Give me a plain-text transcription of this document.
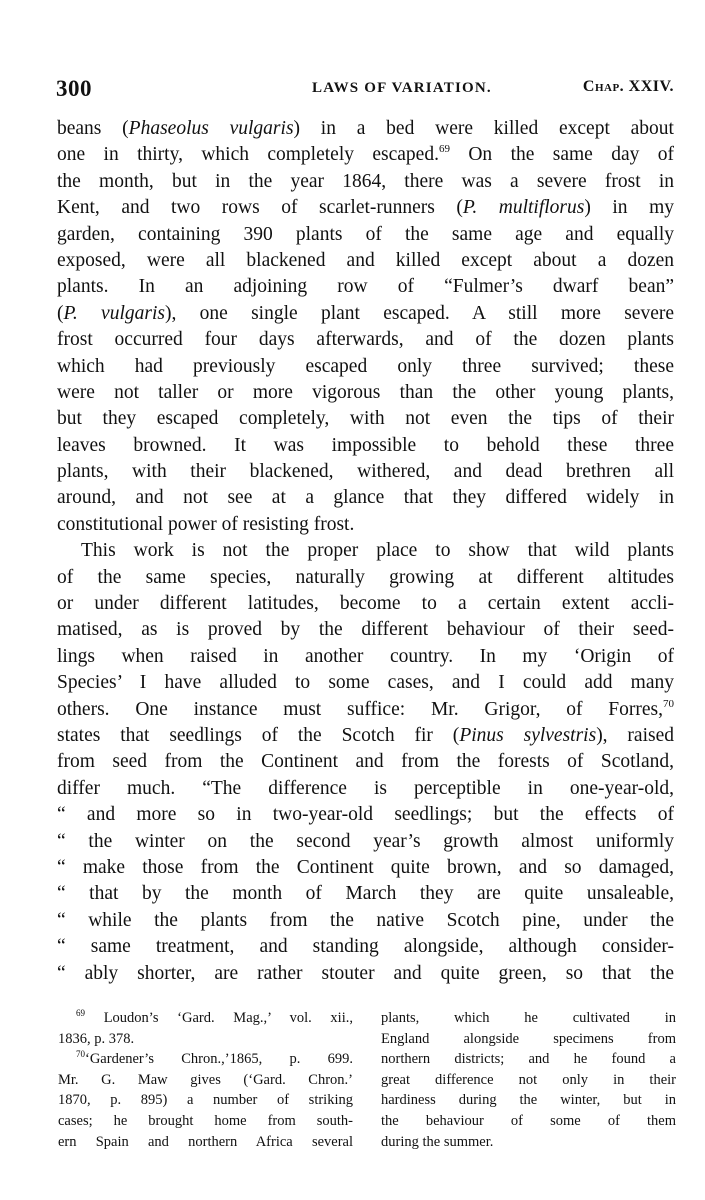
300	LAWS OF VARIATION.	Chap. XXIV.
beans (Phaseolus vulgaris) in a bed were killed except about
one in thirty, which completely escaped.$^{69}$ On the same day of
the month, but in the year 1864, there was a severe frost in
Kent, and two rows of scarlet-runners (P. multiflorus) in my
garden, containing 390 plants of the same age and equally
exposed, were all blackened and killed except about a dozen
plants. In an adjoining row of “Fulmer’s dwarf bean”
(P. vulgaris), one single plant escaped. A still more severe
frost occurred four days afterwards, and of the dozen plants
which had previously escaped only three survived; these
were not taller or more vigorous than the other young plants,
but they escaped completely, with not even the tips of their
leaves browned. It was impossible to behold these three
plants, with their blackened, withered, and dead brethren all
around, and not see at a glance that they differed widely in
constitutional power of resisting frost.
This work is not the proper place to show that wild plants
of the same species, naturally growing at different altitudes
or under different latitudes, become to a certain extent accli-
matised, as is proved by the different behaviour of their seed-
lings when raised in another country. In my ‘Origin of
Species’ I have alluded to some cases, and I could add many
others. One instance must suffice: Mr. Grigor, of Forres,$^{70}$
states that seedlings of the Scotch fir (Pinus sylvestris), raised
from seed from the Continent and from the forests of Scotland,
differ much. “The difference is perceptible in one-year-old,
“ and more so in two-year-old seedlings; but the effects of
“ the winter on the second year’s growth almost uniformly
“ make those from the Continent quite brown, and so damaged,
“ that by the month of March they are quite unsaleable,
“ while the plants from the native Scotch pine, under the
“ same treatment, and standing alongside, although consider-
“ ably shorter, are rather stouter and quite green, so that the
$^{69}$ Loudon’s ‘Gard. Mag.,’ vol. xii.,
1836, p. 378.
$^{70}$‘Gardener’s Chron.,’1865, p. 699.
Mr. G. Maw gives (‘Gard. Chron.’
1870, p. 895) a number of striking
cases; he brought home from south-
ern Spain and northern Africa several
plants, which he cultivated in
England alongside specimens from
northern districts; and he found a
great difference not only in their
hardiness during the winter, but in
the behaviour of some of them
during the summer.
